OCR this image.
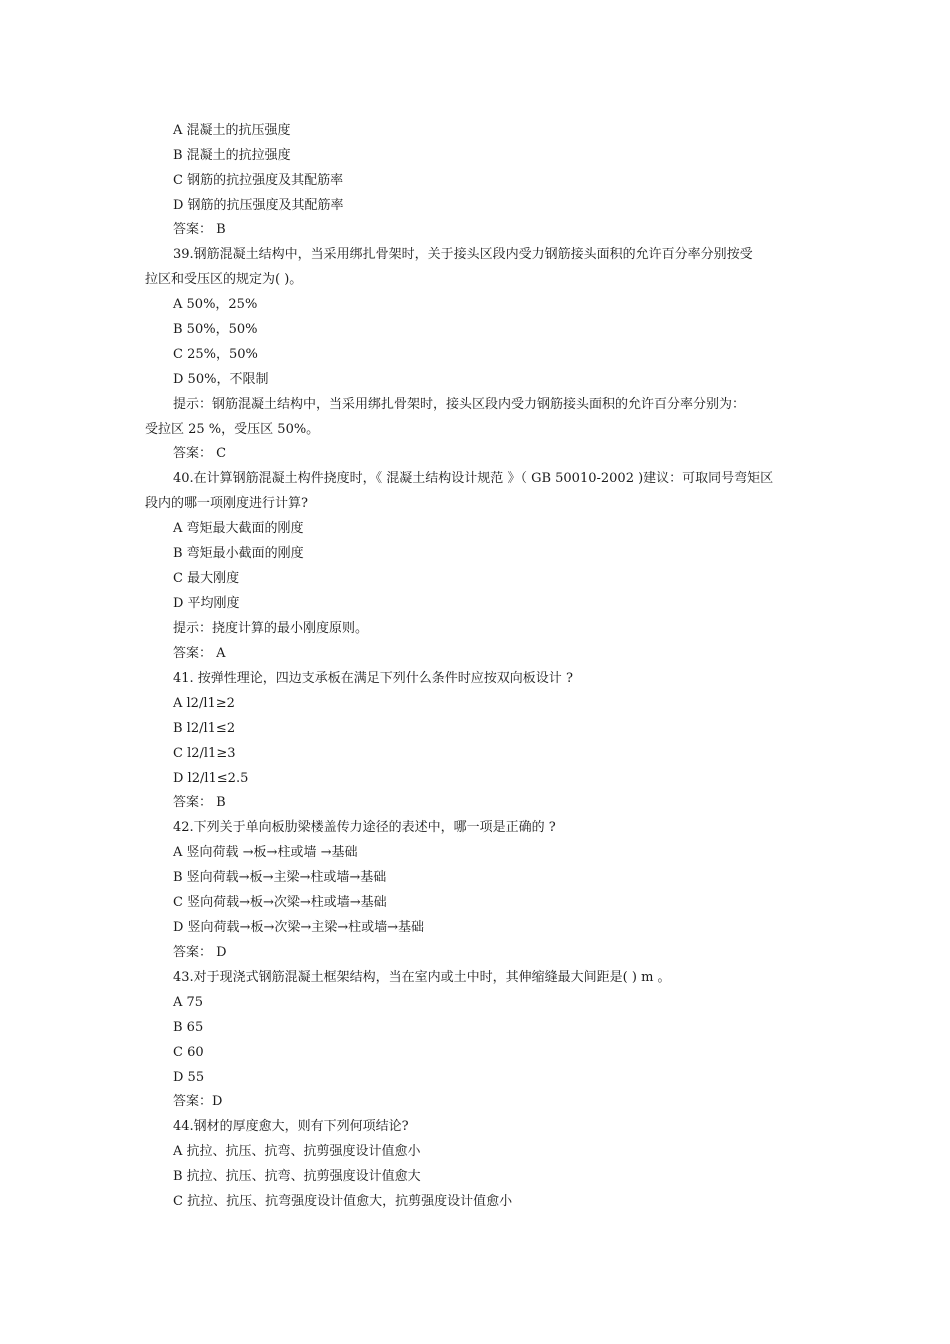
A 混凝土的抗压强度
B 混凝土的抗拉强度
C 钢筋的抗拉强度及其配筋率
D 钢筋的抗压强度及其配筋率
答案： B
39.钢筋混凝土结构中，当采用绑扎骨架时，关于接头区段内受力钢筋接头面积的允许百分率分别按受
拉区和受压区的规定为( )。
A 50%，25%
B 50%，50%
C 25%，50%
D 50%，不限制
提示：钢筋混凝土结构中，当采用绑扎骨架时，接头区段内受力钢筋接头面积的允许百分率分别为：
受拉区 25 %，受压区 50%。
答案： C
40.在计算钢筋混凝土构件挠度时，《 混凝土结构设计规范 》（ GB 50010-2002 )建议：可取同号弯矩区
段内的哪一项刚度进行计算?
A 弯矩最大截面的刚度
B 弯矩最小截面的刚度
C 最大刚度
D 平均刚度
提示：挠度计算的最小刚度原则。
答案： A
41. 按弹性理论，四边支承板在满足下列什么条件时应按双向板设计 ?
A l2/l1≥2
B l2/l1≤2
C l2/l1≥3
D l2/l1≤2.5
答案： B
42.下列关于单向板肋梁楼盖传力途径的表述中，哪一项是正确的 ?
A 竖向荷载 →板→柱或墙 →基础
B 竖向荷载→板→主梁→柱或墙→基础
C 竖向荷载→板→次梁→柱或墙→基础
D 竖向荷载→板→次梁→主梁→柱或墙→基础
答案： D
43.对于现浇式钢筋混凝土框架结构，当在室内或土中时，其伸缩缝最大间距是( ) m 。
A 75
B 65
C 60
D 55
答案：D
44.钢材的厚度愈大，则有下列何项结论?
A 抗拉、抗压、抗弯、抗剪强度设计值愈小
B 抗拉、抗压、抗弯、抗剪强度设计值愈大
C 抗拉、抗压、抗弯强度设计值愈大，抗剪强度设计值愈小
